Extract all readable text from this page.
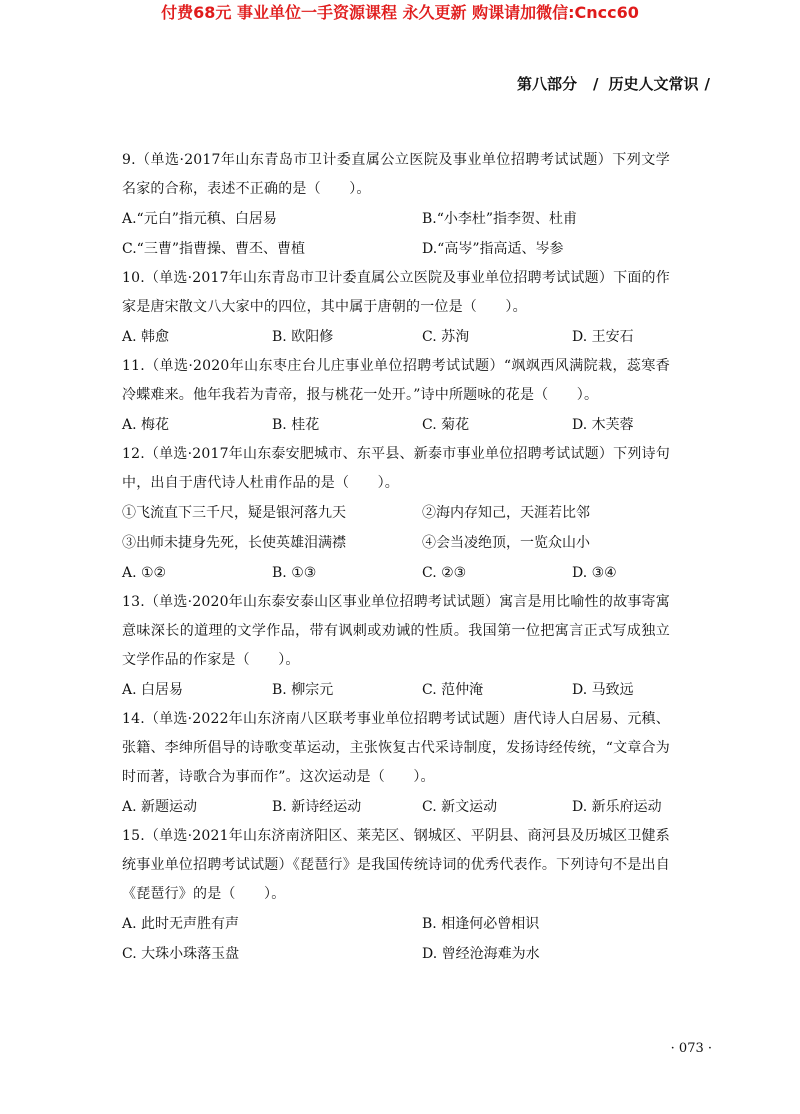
付费68元 事业单位一手资源课程 永久更新 购课请加微信:Cncc60
第八部分 / 历史人文常识 /
9.（单选·2017年山东青岛市卫计委直属公立医院及事业单位招聘考试试题）下列文学名家的合称，表述不正确的是（　　）。
A.“元白”指元稹、白居易	B.“小李杜”指李贺、杜甫
C.“三曹”指曹操、曹丕、曹植	D.“高岑”指高适、岑参
10.（单选·2017年山东青岛市卫计委直属公立医院及事业单位招聘考试试题）下面的作家是唐宋散文八大家中的四位，其中属于唐朝的一位是（　　）。
A. 韩愈	B. 欧阳修	C. 苏洵	D. 王安石
11.（单选·2020年山东枣庄台儿庄事业单位招聘考试试题）“飒飒西风满院栽，蕊寒香冷蝶难来。他年我若为青帝，报与桃花一处开。”诗中所题咏的花是（　　）。
A. 梅花	B. 桂花	C. 菊花	D. 木芙蓉
12.（单选·2017年山东泰安肥城市、东平县、新泰市事业单位招聘考试试题）下列诗句中，出自于唐代诗人杜甫作品的是（　　）。
①飞流直下三千尺，疑是银河落九天	②海内存知己，天涯若比邻
③出师未捷身先死，长使英雄泪满襟	④会当凌绝顶，一览众山小
A. ①②	B. ①③	C. ②③	D. ③④
13.（单选·2020年山东泰安泰山区事业单位招聘考试试题）寓言是用比喻性的故事寄寓意味深长的道理的文学作品，带有讽刺或劝诫的性质。我国第一位把寓言正式写成独立文学作品的作家是（　　）。
A. 白居易	B. 柳宗元	C. 范仲淹	D. 马致远
14.（单选·2022年山东济南八区联考事业单位招聘考试试题）唐代诗人白居易、元稹、张籍、李绅所倡导的诗歌变革运动，主张恢复古代采诗制度，发扬诗经传统，“文章合为时而著，诗歌合为事而作”。这次运动是（　　）。
A. 新题运动	B. 新诗经运动	C. 新文运动	D. 新乐府运动
15.（单选·2021年山东济南济阳区、莱芜区、钢城区、平阴县、商河县及历城区卫健系统事业单位招聘考试试题）《琵琶行》是我国传统诗词的优秀代表作。下列诗句不是出自《琵琶行》的是（　　）。
A. 此时无声胜有声	B. 相逢何必曾相识
C. 大珠小珠落玉盘	D. 曾经沧海难为水
· 073 ·
